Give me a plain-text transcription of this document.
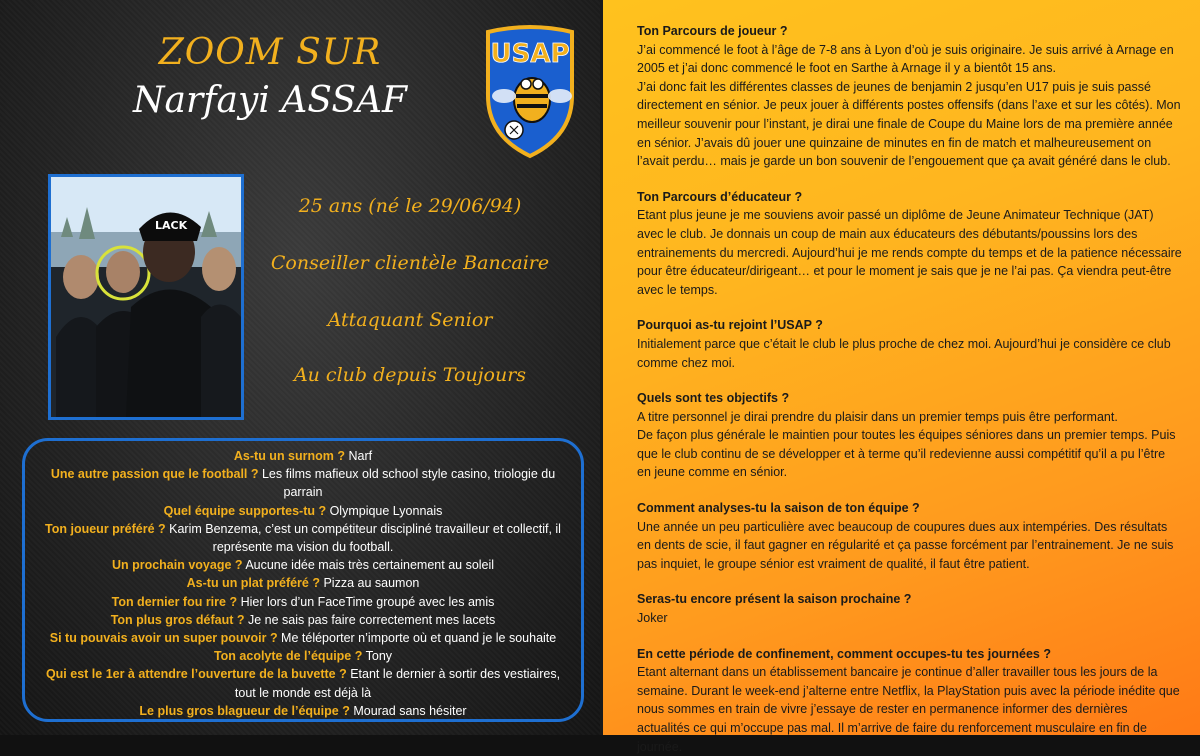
ZOOM SUR
Narfayi ASSAF
USAP
LACK
25 ans (né le 29/06/94)
Conseiller clientèle Bancaire
Attaquant Senior
Au club depuis Toujours
As-tu un surnom ? Narf
Une autre passion que le football ? Les films mafieux old school style casino, triologie du parrain
Quel équipe supportes-tu ? Olympique Lyonnais
Ton joueur préféré ? Karim Benzema, c’est un compétiteur discipliné travailleur et collectif, il représente ma vision du football.
Un prochain voyage ? Aucune idée mais très certainement au soleil
As-tu un plat préféré ? Pizza au saumon
Ton dernier fou rire ? Hier lors d’un FaceTime groupé avec les amis
Ton plus gros défaut ? Je ne sais pas faire correctement mes lacets
Si tu pouvais avoir un super pouvoir ? Me téléporter n’importe où et quand je le souhaite
Ton acolyte de l’équipe ? Tony
Qui est le 1er à attendre l’ouverture de la buvette ? Etant le dernier à sortir des vestiaires, tout le monde est déjà là
Le plus gros blagueur de l’équipe ? Mourad sans hésiter
Ton Parcours de joueur ?
J’ai commencé le foot à l’âge de 7-8 ans à Lyon d’où je suis originaire. Je suis arrivé à Arnage en 2005 et j’ai donc commencé le foot en Sarthe à Arnage il y a bientôt 15 ans.
J’ai donc fait les différentes classes de jeunes de benjamin 2 jusqu’en U17 puis je suis passé directement en sénior. Je peux jouer à différents postes offensifs (dans l’axe et sur les côtés). Mon meilleur souvenir pour l’instant, je dirai une finale de Coupe du Maine lors de ma première année en sénior. J’avais dû jouer une quinzaine de minutes en fin de match et malheureusement on l’avait perdu… mais je garde un bon souvenir de l’engouement que ça avait généré dans le club.
Ton Parcours d’éducateur ?
Etant plus jeune je me souviens avoir passé un diplôme de Jeune Animateur Technique (JAT) avec le club. Je donnais un coup de main aux éducateurs des débutants/poussins lors des entrainements du mercredi. Aujourd’hui je me rends compte du temps et de la patience nécessaire pour être éducateur/dirigeant… et pour le moment je sais que je ne l’ai pas. Ça viendra peut-être avec le temps.
Pourquoi as-tu rejoint l’USAP ?
Initialement parce que c’était le club le plus proche de chez moi. Aujourd’hui je considère ce club comme chez moi.
Quels sont tes objectifs ?
A titre personnel je dirai prendre du plaisir dans un premier temps puis être performant.
De façon plus générale le maintien pour toutes les équipes séniores dans un premier temps. Puis que le club continu de se développer et à terme qu’il redevienne aussi compétitif qu’il a pu l’être en jeune comme en sénior.
Comment analyses-tu la saison de ton équipe ?
Une année un peu particulière avec beaucoup de coupures dues aux intempéries. Des résultats en dents de scie, il faut gagner en régularité et ça passe forcément par l’entrainement. Je ne suis pas inquiet, le groupe sénior est vraiment de qualité, il faut être patient.
Seras-tu encore présent la saison prochaine ?
Joker
En cette période de confinement, comment occupes-tu tes journées ?
Etant alternant dans un établissement bancaire je continue d’aller travailler tous les jours de la semaine. Durant le week-end j’alterne entre Netflix, la PlayStation puis avec la période inédite que nous sommes en train de vivre j’essaye de rester en permanence informer des dernières actualités ce qui m’occupe pas mal. Il m’arrive de faire du renforcement musculaire en fin de journée.
